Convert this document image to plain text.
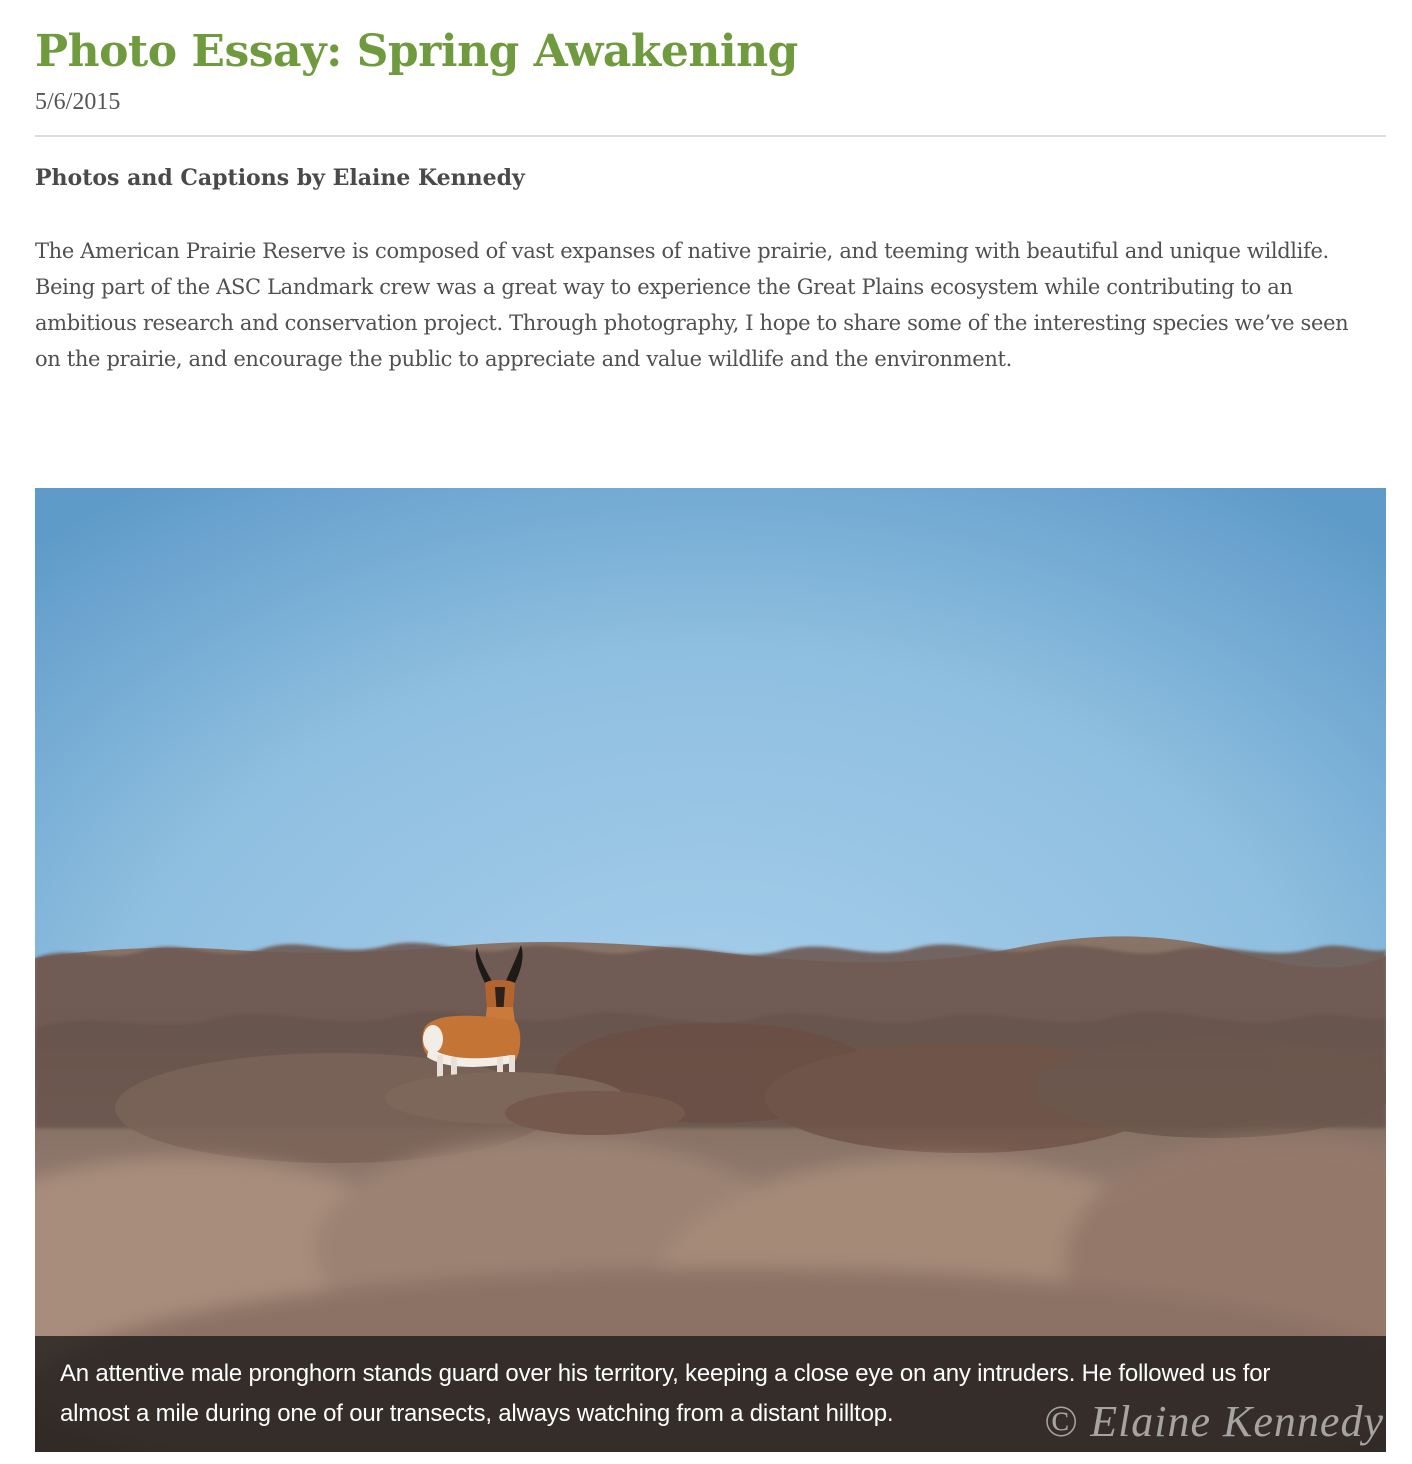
Photo Essay: Spring Awakening
5/6/2015
Photos and Captions by Elaine Kennedy

The American Prairie Reserve is composed of vast expanses of native prairie, and teeming with beautiful and unique wildlife. Being part of the ASC Landmark crew was a great way to experience the Great Plains ecosystem while contributing to an ambitious research and conservation project. Through photography, I hope to share some of the interesting species we’ve seen on the prairie, and encourage the public to appreciate and value wildlife and the environment.

An attentive male pronghorn stands guard over his territory, keeping a close eye on any intruders. He followed us for almost a mile during one of our transects, always watching from a distant hilltop.	© Elaine Kennedy
